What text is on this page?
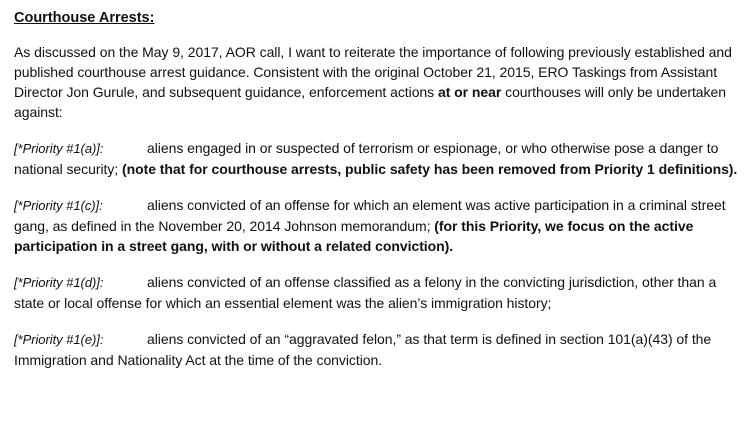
Courthouse Arrests:

As discussed on the May 9, 2017, AOR call, I want to reiterate the importance of following previously established and published courthouse arrest guidance. Consistent with the original October 21, 2015, ERO Taskings from Assistant Director Jon Gurule, and subsequent guidance, enforcement actions at or near courthouses will only be undertaken against:

[*Priority #1(a)]:	aliens engaged in or suspected of terrorism or espionage, or who otherwise pose a danger to national security; (note that for courthouse arrests, public safety has been removed from Priority 1 definitions).

[*Priority #1(c)]:	aliens convicted of an offense for which an element was active participation in a criminal street gang, as defined in the November 20, 2014 Johnson memorandum; (for this Priority, we focus on the active participation in a street gang, with or without a related conviction).

[*Priority #1(d)]:	aliens convicted of an offense classified as a felony in the convicting jurisdiction, other than a state or local offense for which an essential element was the alien’s immigration history;

[*Priority #1(e)]:	aliens convicted of an “aggravated felon,” as that term is defined in section 101(a)(43) of the Immigration and Nationality Act at the time of the conviction.
